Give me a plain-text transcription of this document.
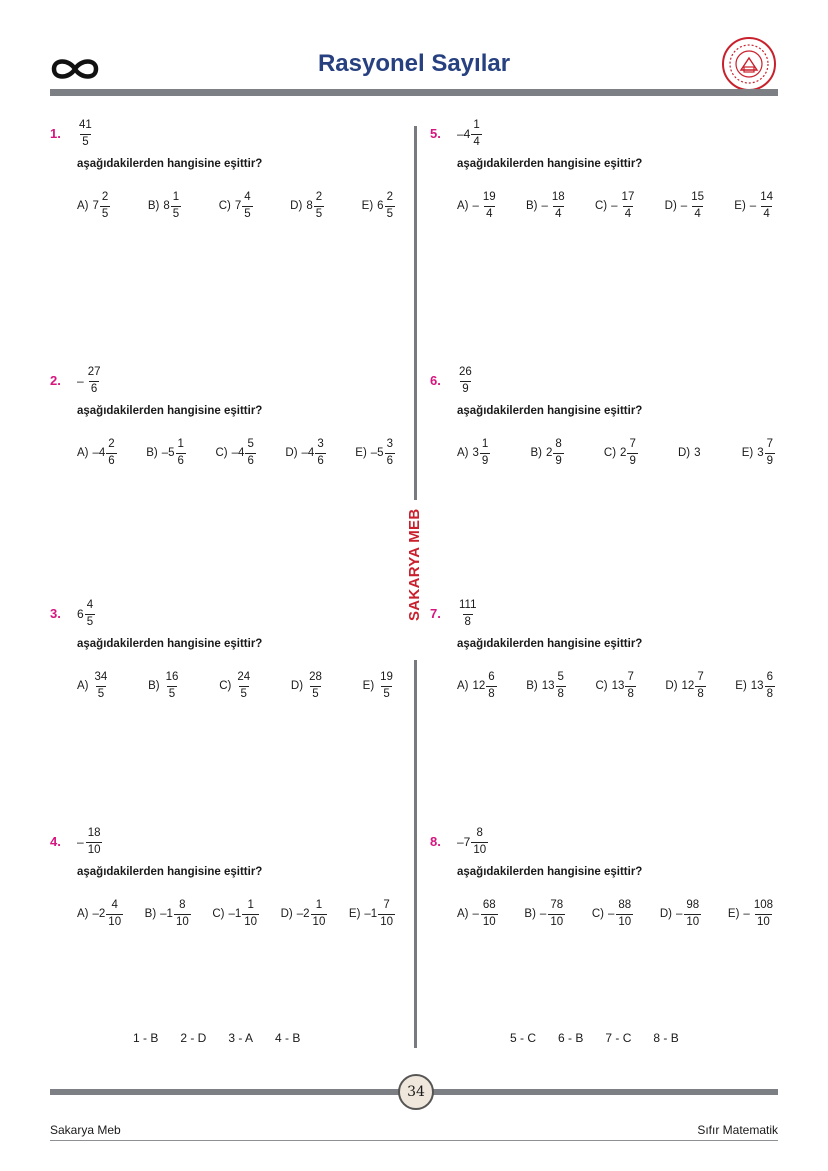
Rasyonel Sayılar
SAKARYA MEB
1. $\frac{41}{5}$
aşağıdakilerden hangisine eşittir?
A) $7 \frac{2}{5}$	B) $8 \frac{1}{5}$	C) $7 \frac{4}{5}$	D) $8 \frac{2}{5}$	E) $6 \frac{2}{5}$
2. – $\frac{27}{6}$
aşağıdakilerden hangisine eşittir?
A) $-4 \frac{2}{6}$	B) $-5 \frac{1}{6}$	C) $-4 \frac{5}{6}$	D) $-4 \frac{3}{6}$	E) $-5 \frac{3}{6}$
3. $6 \frac{4}{5}$
aşağıdakilerden hangisine eşittir?
$A) \frac{34}{5}$	$B) \frac{16}{5}$	$C) \frac{24}{5}$	$D) \frac{28}{5}$	$E) \frac{19}{5}$
4. – $\frac{18}{10}$
aşağıdakilerden hangisine eşittir?
A) $-2 \frac{4}{10} B$) $-1 \frac{8}{10} C$) $-1 \frac{1}{10} D$) $-2 \frac{1}{10} E$) $-1 \frac{7}{10}$
5. $-4 \frac{1}{4}$
aşağıdakilerden hangisine eşittir?
$A) - \frac{19}{4} B) - \frac{18}{4} C) - \frac{17}{4} D) - \frac{15}{4} E) - \frac{14}{4}$
6. $\frac{26}{9}$
aşağıdakilerden hangisine eşittir?
A) $3 \frac{1}{9}$	B) $2 \frac{8}{9}$	C) $2 \frac{7}{9}$	D) 3	E) $3 \frac{7}{9}$
7. $\frac{111}{8}$
aşağıdakilerden hangisine eşittir?
A) $12 \frac{6}{8}$	B) $13 \frac{5}{8}$	C) $13 \frac{7}{8}$	D) $12 \frac{7}{8}$	E) $13 \frac{6}{8}$
8. $-7 \frac{8}{10}$
aşağıdakilerden hangisine eşittir?
$A) - \frac{68}{10} B) - \frac{78}{10} C) - \frac{88}{10} D) - \frac{98}{10} E) - \frac{108}{10}$
1 - B 2 - D 3 - A 4 - B	5 - C 6 - B 7 - C 8 - B
34
Sakarya Meb	Sıfır Matematik
